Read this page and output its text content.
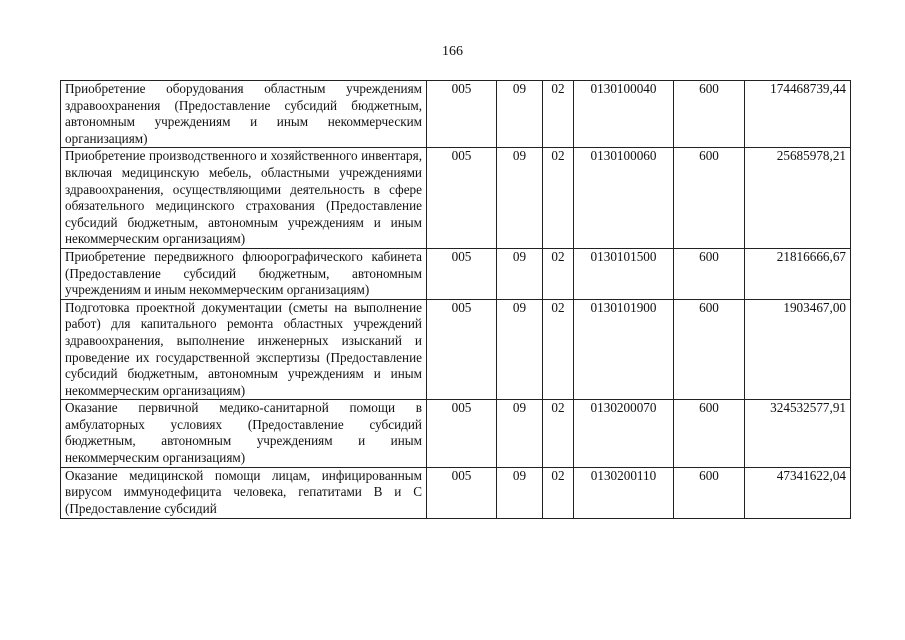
166
Приобретение оборудования областным учреждениям здравоохранения (Предоставление субсидий бюджетным, автономным учреждениям и иным некоммерческим организациям)	005	09	02	0130100040	600	174468739,44
Приобретение производственного и хозяйственного инвентаря, включая медицинскую мебель, областными учреждениями здравоохранения, осуществляющими деятельность в сфере обязательного медицинского страхования (Предоставление субсидий бюджетным, автономным учреждениям и иным некоммерческим организациям)	005	09	02	0130100060	600	25685978,21
Приобретение передвижного флюорографического кабинета (Предоставление субсидий бюджетным, автономным учреждениям и иным некоммерческим организациям)	005	09	02	0130101500	600	21816666,67
Подготовка проектной документации (сметы на выполнение работ) для капитального ремонта областных учреждений здравоохранения, выполнение инженерных изысканий и проведение их государственной экспертизы (Предоставление субсидий бюджетным, автономным учреждениям и иным некоммерческим организациям)	005	09	02	0130101900	600	1903467,00
Оказание первичной медико-санитарной помощи в амбулаторных условиях (Предоставление субсидий бюджетным, автономным учреждениям и иным некоммерческим организациям)	005	09	02	0130200070	600	324532577,91

Оказание медицинской помощи лицам, инфицированным вирусом иммунодефицита человека, гепатитами В и С (Предоставление субсидий	005	09	02	0130200110	600	47341622,04
